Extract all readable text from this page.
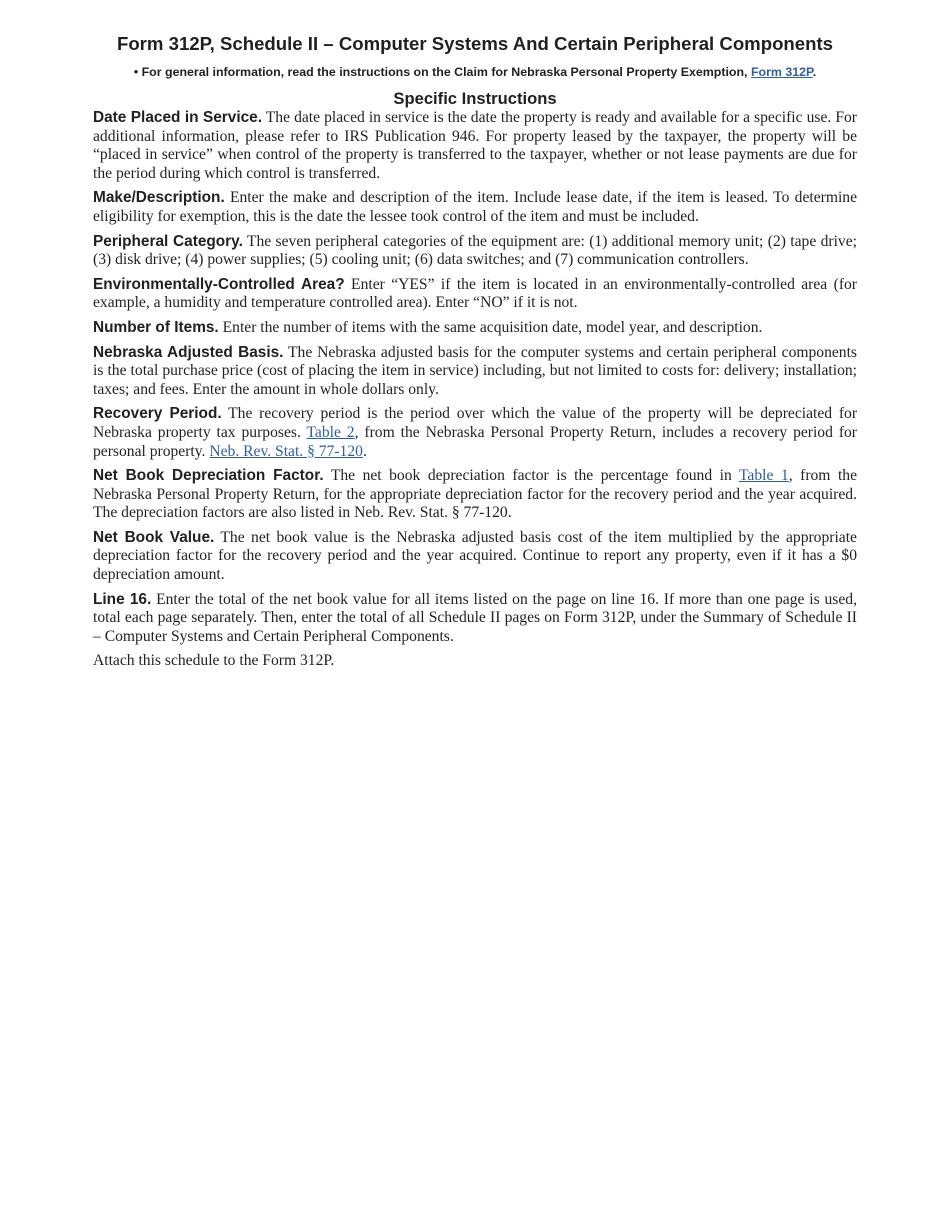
Form 312P, Schedule II – Computer Systems And Certain Peripheral Components
• For general information, read the instructions on the Claim for Nebraska Personal Property Exemption, Form 312P.
Specific Instructions

Date Placed in Service. The date placed in service is the date the property is ready and available for a specific use. For additional information, please refer to IRS Publication 946. For property leased by the taxpayer, the property will be “placed in service” when control of the property is transferred to the taxpayer, whether or not lease payments are due for the period during which control is transferred.

Make/Description. Enter the make and description of the item. Include lease date, if the item is leased. To determine eligibility for exemption, this is the date the lessee took control of the item and must be included.

Peripheral Category. The seven peripheral categories of the equipment are: (1) additional memory unit; (2) tape drive; (3) disk drive; (4) power supplies; (5) cooling unit; (6) data switches; and (7) communication controllers.

Environmentally-Controlled Area? Enter “YES” if the item is located in an environmentally-controlled area (for example, a humidity and temperature controlled area). Enter “NO” if it is not.

Number of Items. Enter the number of items with the same acquisition date, model year, and description.

Nebraska Adjusted Basis. The Nebraska adjusted basis for the computer systems and certain peripheral components is the total purchase price (cost of placing the item in service) including, but not limited to costs for: delivery; installation; taxes; and fees. Enter the amount in whole dollars only.

Recovery Period. The recovery period is the period over which the value of the property will be depreciated for Nebraska property tax purposes. Table 2, from the Nebraska Personal Property Return, includes a recovery period for personal property. Neb. Rev. Stat. § 77-120.

Net Book Depreciation Factor. The net book depreciation factor is the percentage found in Table 1, from the Nebraska Personal Property Return, for the appropriate depreciation factor for the recovery period and the year acquired. The depreciation factors are also listed in Neb. Rev. Stat. § 77-120.

Net Book Value. The net book value is the Nebraska adjusted basis cost of the item multiplied by the appropriate depreciation factor for the recovery period and the year acquired. Continue to report any property, even if it has a $0 depreciation amount.

Line 16. Enter the total of the net book value for all items listed on the page on line 16. If more than one page is used, total each page separately. Then, enter the total of all Schedule II pages on Form 312P, under the Summary of Schedule II – Computer Systems and Certain Peripheral Components.

Attach this schedule to the Form 312P.
